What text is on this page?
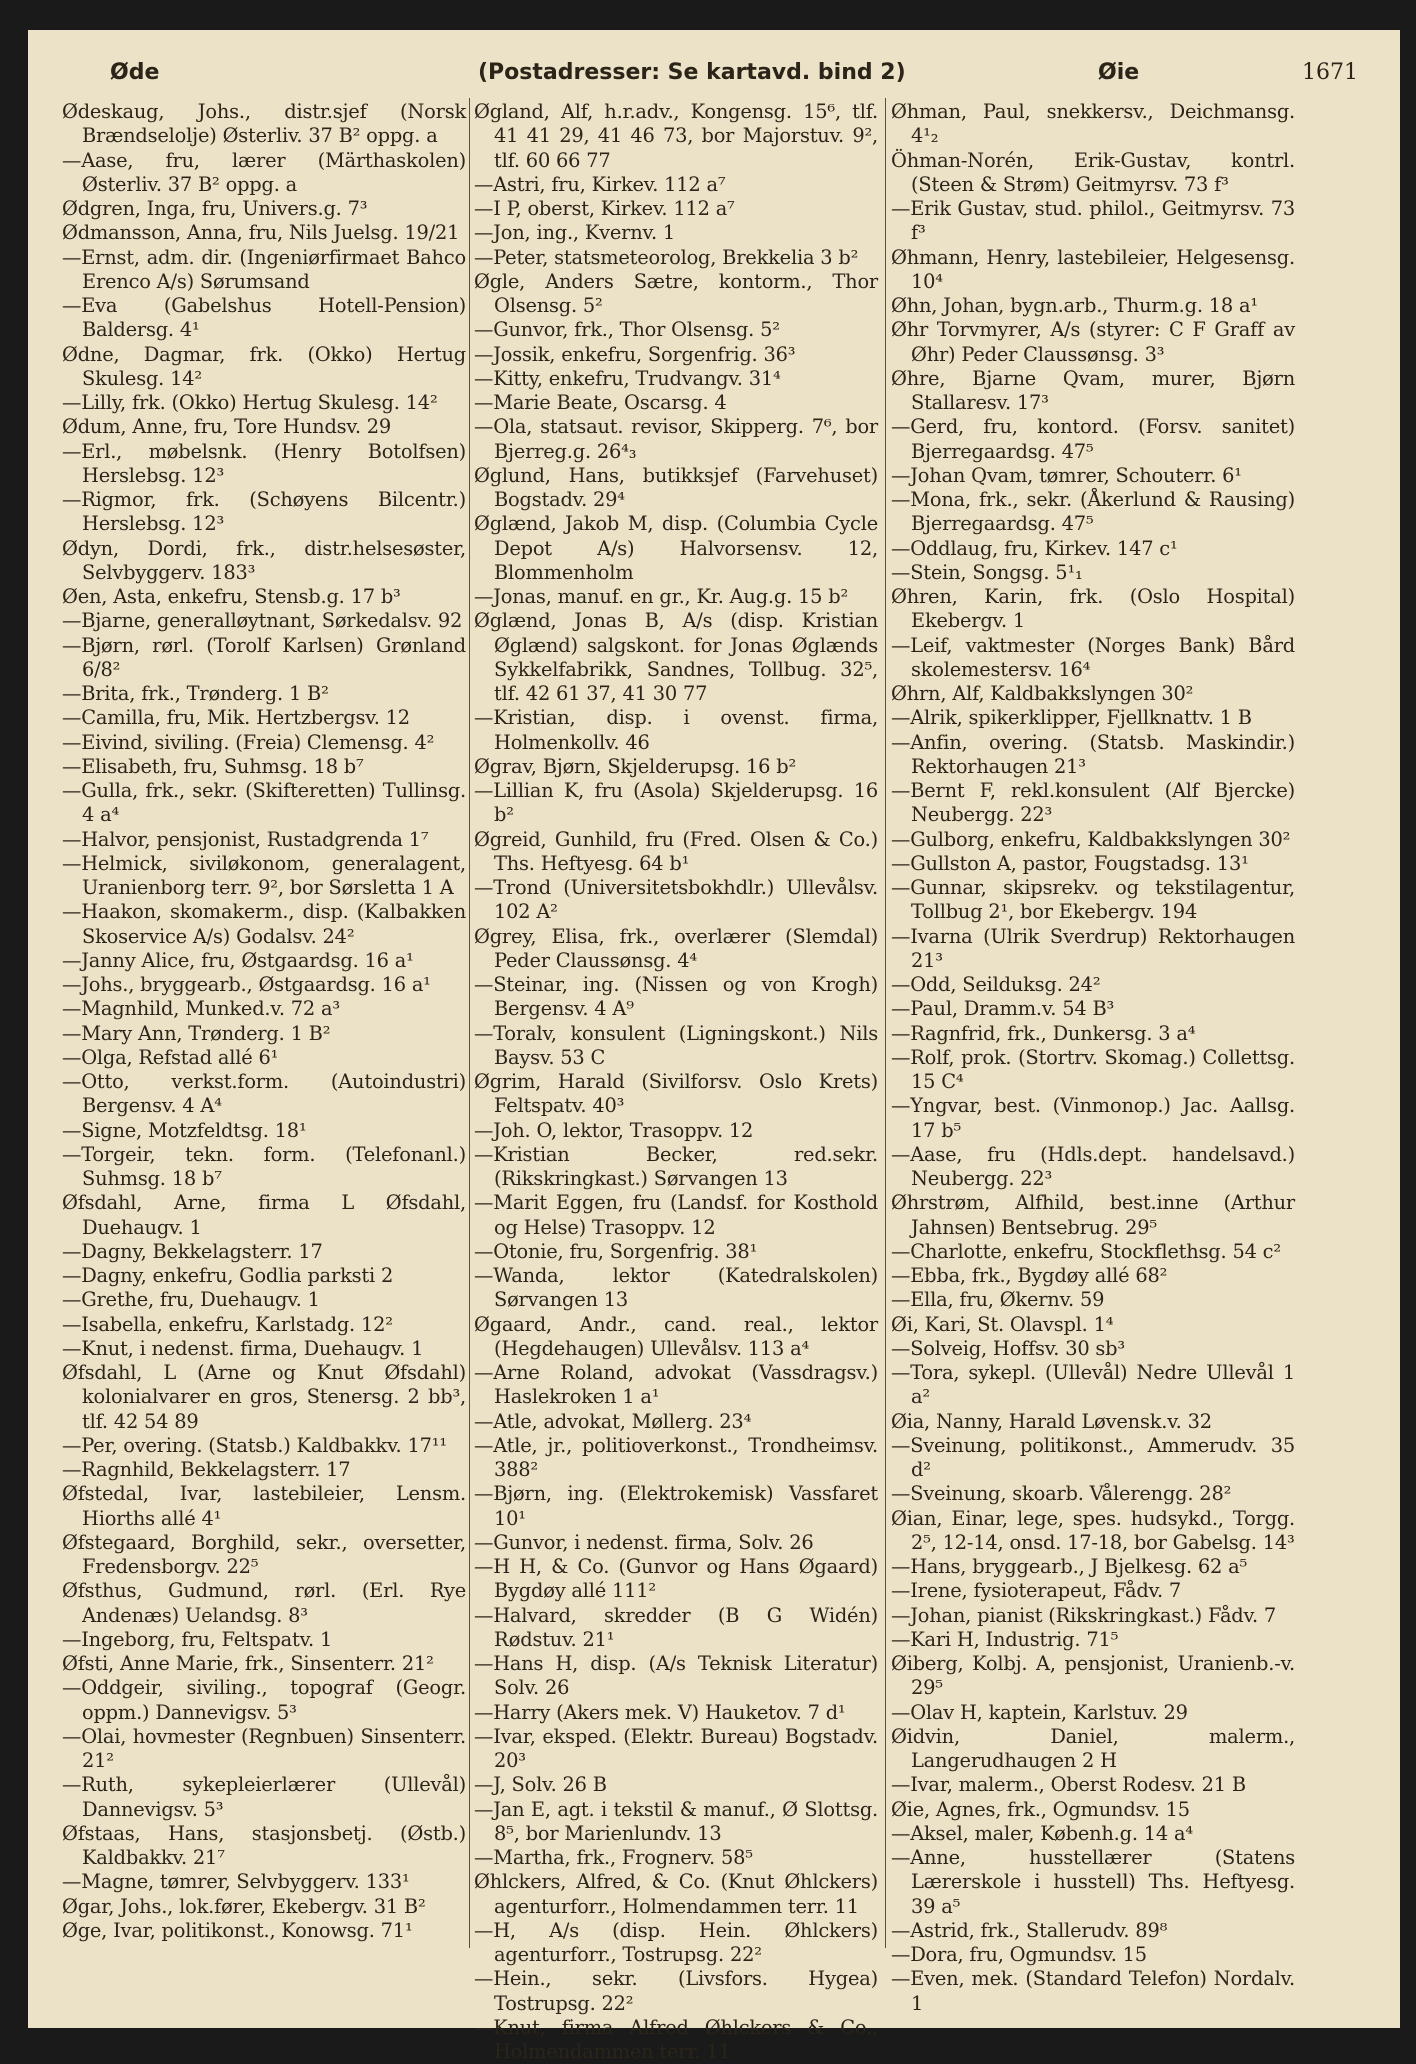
Øde	(Postadresser: Se kartavd. bind 2)	Øie	1671

Ødeskaug, Johs., distr.sjef (Norsk Brændselolje) Østerliv. 37 B² oppg. a

—Aase, fru, lærer (Märthaskolen) Østerliv. 37 B² oppg. a

Ødgren, Inga, fru, Univers.g. 7³

Ødmansson, Anna, fru, Nils Juelsg. 19/21

—Ernst, adm. dir. (Ingeniørfirmaet Bahco Erenco A/s) Sørumsand

—Eva (Gabelshus Hotell-Pension) Baldersg. 4¹

Ødne, Dagmar, frk. (Okko) Hertug Skulesg. 14²

—Lilly, frk. (Okko) Hertug Skulesg. 14²

Ødum, Anne, fru, Tore Hundsv. 29

—Erl., møbelsnk. (Henry Botolfsen) Herslebsg. 12³

—Rigmor, frk. (Schøyens Bilcentr.) Herslebsg. 12³

Ødyn, Dordi, frk., distr.helsesøster, Selvbyggerv. 183³

Øen, Asta, enkefru, Stensb.g. 17 b³

—Bjarne, generalløytnant, Sørkedalsv. 92

—Bjørn, rørl. (Torolf Karlsen) Grønland 6/8²

—Brita, frk., Trønderg. 1 B²

—Camilla, fru, Mik. Hertzbergsv. 12

—Eivind, siviling. (Freia) Clemensg. 4²

—Elisabeth, fru, Suhmsg. 18 b⁷

—Gulla, frk., sekr. (Skifteretten) Tullinsg. 4 a⁴

—Halvor, pensjonist, Rustadgrenda 1⁷

—Helmick, siviløkonom, generalagent, Uranienborg terr. 9², bor Sørsletta 1 A

—Haakon, skomakerm., disp. (Kalbakken Skoservice A/s) Godalsv. 24²

—Janny Alice, fru, Østgaardsg. 16 a¹

—Johs., bryggearb., Østgaardsg. 16 a¹

—Magnhild, Munked.v. 72 a³

—Mary Ann, Trønderg. 1 B²

—Olga, Refstad allé 6¹

—Otto, verkst.form. (Autoindustri) Bergensv. 4 A⁴

—Signe, Motzfeldtsg. 18¹

—Torgeir, tekn. form. (Telefonanl.) Suhmsg. 18 b⁷

Øfsdahl, Arne, firma L Øfsdahl, Duehaugv. 1

—Dagny, Bekkelagsterr. 17

—Dagny, enkefru, Godlia parksti 2

—Grethe, fru, Duehaugv. 1

—Isabella, enkefru, Karlstadg. 12²

—Knut, i nedenst. firma, Duehaugv. 1

Øfsdahl, L (Arne og Knut Øfsdahl) kolonialvarer en gros, Stenersg. 2 bb³, tlf. 42 54 89

—Per, overing. (Statsb.) Kaldbakkv. 17¹¹

—Ragnhild, Bekkelagsterr. 17

Øfstedal, Ivar, lastebileier, Lensm. Hiorths allé 4¹

Øfstegaard, Borghild, sekr., oversetter, Fredensborgv. 22⁵

Øfsthus, Gudmund, rørl. (Erl. Rye Andenæs) Uelandsg. 8³

—Ingeborg, fru, Feltspatv. 1

Øfsti, Anne Marie, frk., Sinsenterr. 21²

—Oddgeir, siviling., topograf (Geogr. oppm.) Dannevigsv. 5³

—Olai, hovmester (Regnbuen) Sinsenterr. 21²

—Ruth, sykepleierlærer (Ullevål) Dannevigsv. 5³

Øfstaas, Hans, stasjonsbetj. (Østb.) Kaldbakkv. 21⁷

—Magne, tømrer, Selvbyggerv. 133¹

Øgar, Johs., lok.fører, Ekebergv. 31 B²

Øge, Ivar, politikonst., Konowsg. 71¹

Øgland, Alf, h.r.adv., Kongensg. 15⁶, tlf. 41 41 29, 41 46 73, bor Majorstuv. 9², tlf. 60 66 77

—Astri, fru, Kirkev. 112 a⁷

—I P, oberst, Kirkev. 112 a⁷

—Jon, ing., Kvernv. 1

—Peter, statsmeteorolog, Brekkelia 3 b²

Øgle, Anders Sætre, kontorm., Thor Olsensg. 5²

—Gunvor, frk., Thor Olsensg. 5²

—Jossik, enkefru, Sorgenfrig. 36³

—Kitty, enkefru, Trudvangv. 31⁴

—Marie Beate, Oscarsg. 4

—Ola, statsaut. revisor, Skipperg. 7⁶, bor Bjerreg.g. 26⁴₃

Øglund, Hans, butikksjef (Farvehuset) Bogstadv. 29⁴

Øglænd, Jakob M, disp. (Columbia Cycle Depot A/s) Halvorsensv. 12, Blommenholm

—Jonas, manuf. en gr., Kr. Aug.g. 15 b²

Øglænd, Jonas B, A/s (disp. Kristian Øglænd) salgskont. for Jonas Øglænds Sykkelfabrikk, Sandnes, Tollbug. 32⁵, tlf. 42 61 37, 41 30 77

—Kristian, disp. i ovenst. firma, Holmenkollv. 46

Øgrav, Bjørn, Skjelderupsg. 16 b²

—Lillian K, fru (Asola) Skjelderupsg. 16 b²

Øgreid, Gunhild, fru (Fred. Olsen & Co.) Ths. Heftyesg. 64 b¹

—Trond (Universitetsbokhdlr.) Ullevålsv. 102 A²

Øgrey, Elisa, frk., overlærer (Slemdal) Peder Claussønsg. 4⁴

—Steinar, ing. (Nissen og von Krogh) Bergensv. 4 A⁹

—Toralv, konsulent (Ligningskont.) Nils Baysv. 53 C

Øgrim, Harald (Sivilforsv. Oslo Krets) Feltspatv. 40³

—Joh. O, lektor, Trasoppv. 12

—Kristian Becker, red.sekr. (Rikskringkast.) Sørvangen 13

—Marit Eggen, fru (Landsf. for Kosthold og Helse) Trasoppv. 12

—Otonie, fru, Sorgenfrig. 38¹

—Wanda, lektor (Katedralskolen) Sørvangen 13

Øgaard, Andr., cand. real., lektor (Hegdehaugen) Ullevålsv. 113 a⁴

—Arne Roland, advokat (Vassdragsv.) Haslekroken 1 a¹

—Atle, advokat, Møllerg. 23⁴

—Atle, jr., politioverkonst., Trondheimsv. 388²

—Bjørn, ing. (Elektrokemisk) Vassfaret 10¹

—Gunvor, i nedenst. firma, Solv. 26

—H H, & Co. (Gunvor og Hans Øgaard) Bygdøy allé 111²

—Halvard, skredder (B G Widén) Rødstuv. 21¹

—Hans H, disp. (A/s Teknisk Literatur) Solv. 26

—Harry (Akers mek. V) Hauketov. 7 d¹

—Ivar, eksped. (Elektr. Bureau) Bogstadv. 20³

—J, Solv. 26 B

—Jan E, agt. i tekstil & manuf., Ø Slottsg. 8⁵, bor Marienlundv. 13

—Martha, frk., Frognerv. 58⁵

Øhlckers, Alfred, & Co. (Knut Øhlckers) agenturforr., Holmendammen terr. 11

—H, A/s (disp. Hein. Øhlckers) agenturforr., Tostrupsg. 22²

—Hein., sekr. (Livsfors. Hygea) Tostrupsg. 22²

—Knut, firma Alfred Øhlckers & Co., Holmendammen terr. 11

Øhman, Paul, snekkersv., Deichmansg. 4¹₂

Öhman-Norén, Erik-Gustav, kontrl. (Steen & Strøm) Geitmyrsv. 73 f³

—Erik Gustav, stud. philol., Geitmyrsv. 73 f³

Øhmann, Henry, lastebileier, Helgesensg. 10⁴

Øhn, Johan, bygn.arb., Thurm.g. 18 a¹

Øhr Torvmyrer, A/s (styrer: C F Graff av Øhr) Peder Claussønsg. 3³

Øhre, Bjarne Qvam, murer, Bjørn Stallaresv. 17³

—Gerd, fru, kontord. (Forsv. sanitet) Bjerregaardsg. 47⁵

—Johan Qvam, tømrer, Schouterr. 6¹

—Mona, frk., sekr. (Åkerlund & Rausing) Bjerregaardsg. 47⁵

—Oddlaug, fru, Kirkev. 147 c¹

—Stein, Songsg. 5¹₁

Øhren, Karin, frk. (Oslo Hospital) Ekebergv. 1

—Leif, vaktmester (Norges Bank) Bård skolemestersv. 16⁴

Øhrn, Alf, Kaldbakkslyngen 30²

—Alrik, spikerklipper, Fjellknattv. 1 B

—Anfin, overing. (Statsb. Maskindir.) Rektorhaugen 21³

—Bernt F, rekl.konsulent (Alf Bjercke) Neubergg. 22³

—Gulborg, enkefru, Kaldbakkslyngen 30²

—Gullston A, pastor, Fougstadsg. 13¹

—Gunnar, skipsrekv. og tekstilagentur, Tollbug 2¹, bor Ekebergv. 194

—Ivarna (Ulrik Sverdrup) Rektorhaugen 21³

—Odd, Seilduksg. 24²

—Paul, Dramm.v. 54 B³

—Ragnfrid, frk., Dunkersg. 3 a⁴

—Rolf, prok. (Stortrv. Skomag.) Collettsg. 15 C⁴

—Yngvar, best. (Vinmonop.) Jac. Aallsg. 17 b⁵

—Aase, fru (Hdls.dept. handelsavd.) Neubergg. 22³

Øhrstrøm, Alfhild, best.inne (Arthur Jahnsen) Bentsebrug. 29⁵

—Charlotte, enkefru, Stockflethsg. 54 c²

—Ebba, frk., Bygdøy allé 68²

—Ella, fru, Økernv. 59

Øi, Kari, St. Olavspl. 1⁴

—Solveig, Hoffsv. 30 sb³

—Tora, sykepl. (Ullevål) Nedre Ullevål 1 a²

Øia, Nanny, Harald Løvensk.v. 32

—Sveinung, politikonst., Ammerudv. 35 d²

—Sveinung, skoarb. Vålerengg. 28²

Øian, Einar, lege, spes. hudsykd., Torgg. 2⁵, 12-14, onsd. 17-18, bor Gabelsg. 14³

—Hans, bryggearb., J Bjelkesg. 62 a⁵

—Irene, fysioterapeut, Fådv. 7

—Johan, pianist (Rikskringkast.) Fådv. 7

—Kari H, Industrig. 71⁵

Øiberg, Kolbj. A, pensjonist, Uranienb.-v. 29⁵

—Olav H, kaptein, Karlstuv. 29

Øidvin, Daniel, malerm., Langerudhaugen 2 H

—Ivar, malerm., Oberst Rodesv. 21 B

Øie, Agnes, frk., Ogmundsv. 15

—Aksel, maler, Københ.g. 14 a⁴

—Anne, husstellærer (Statens Lærerskole i husstell) Ths. Heftyesg. 39 a⁵

—Astrid, frk., Stallerudv. 89⁸

—Dora, fru, Ogmundsv. 15

—Even, mek. (Standard Telefon) Nordalv. 1
